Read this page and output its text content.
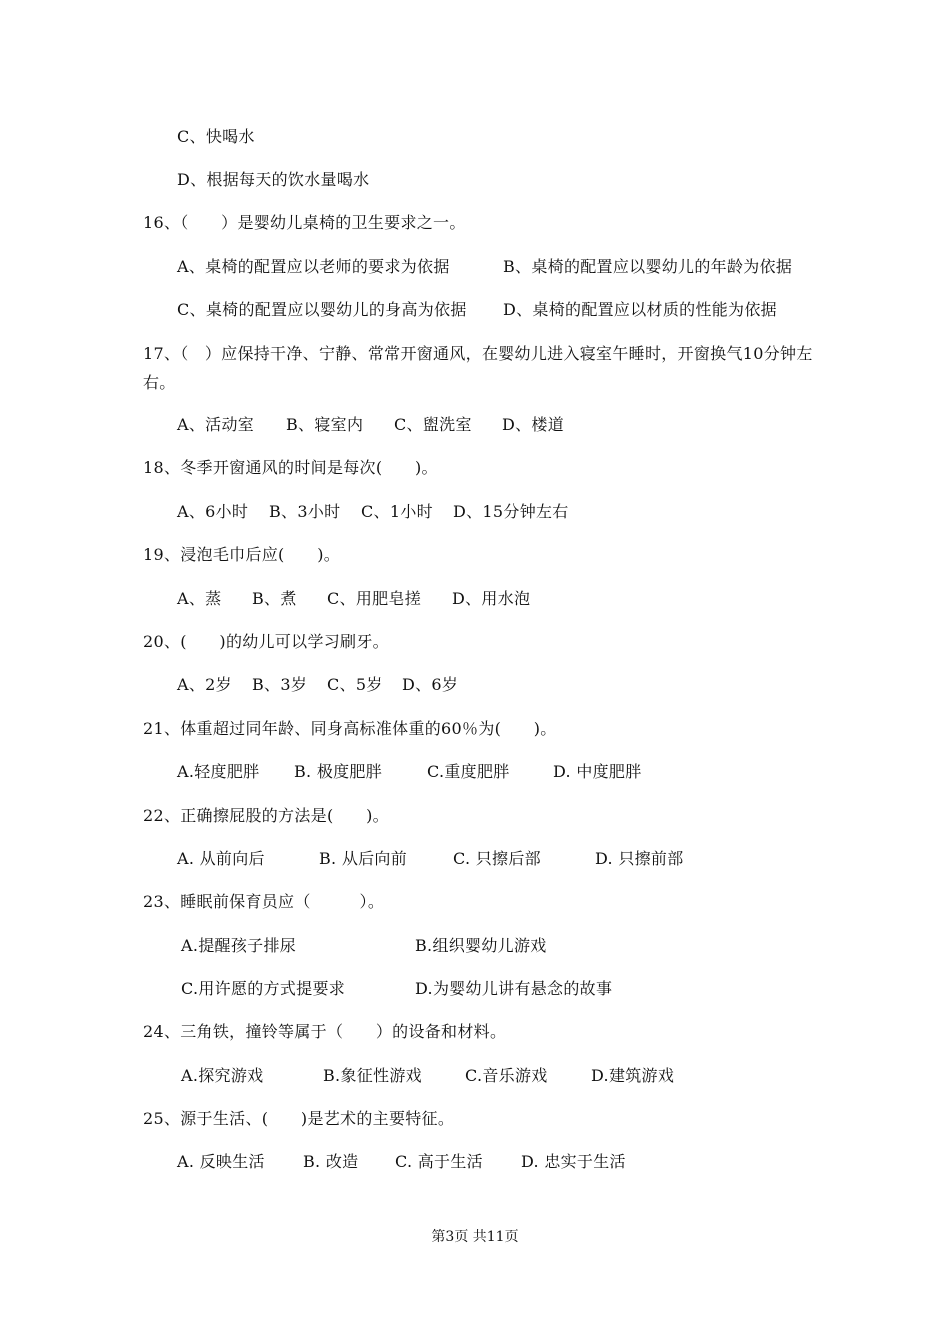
C、快喝水
D、根据每天的饮水量喝水
16、（　　）是婴幼儿桌椅的卫生要求之一。
A、桌椅的配置应以老师的要求为依据	B、桌椅的配置应以婴幼儿的年龄为依据
C、桌椅的配置应以婴幼儿的身高为依据 D、桌椅的配置应以材质的性能为依据
17、（　）应保持干净、宁静、常常开窗通风，在婴幼儿进入寝室午睡时，开窗换气10分钟左右。
A、活动室 B、寝室内 C、盥洗室 D、楼道
18、冬季开窗通风的时间是每次(　　)。
A、6小时 B、3小时 C、1小时 D、15分钟左右
19、浸泡毛巾后应(　　)。
A、蒸 B、煮 C、用肥皂搓 D、用水泡
20、(　　)的幼儿可以学习刷牙。
A、2岁 B、3岁 C、5岁 D、6岁
21、体重超过同年龄、同身高标准体重的60％为(　　)。
A.轻度肥胖 B. 极度肥胖	C.重度肥胖	D. 中度肥胖
22、正确擦屁股的方法是(　　)。
A. 从前向后	B. 从后向前	C. 只擦后部	D. 只擦前部
23、睡眠前保育员应（　　　）。
A.提醒孩子排尿	B.组织婴幼儿游戏
C.用许愿的方式提要求	D.为婴幼儿讲有悬念的故事
24、三角铁，撞铃等属于（　　）的设备和材料。
A.探究游戏	B.象征性游戏	C.音乐游戏	D.建筑游戏
25、源于生活、(　　)是艺术的主要特征。
A. 反映生活 B. 改造 C. 高于生活 D. 忠实于生活
第3页 共11页
